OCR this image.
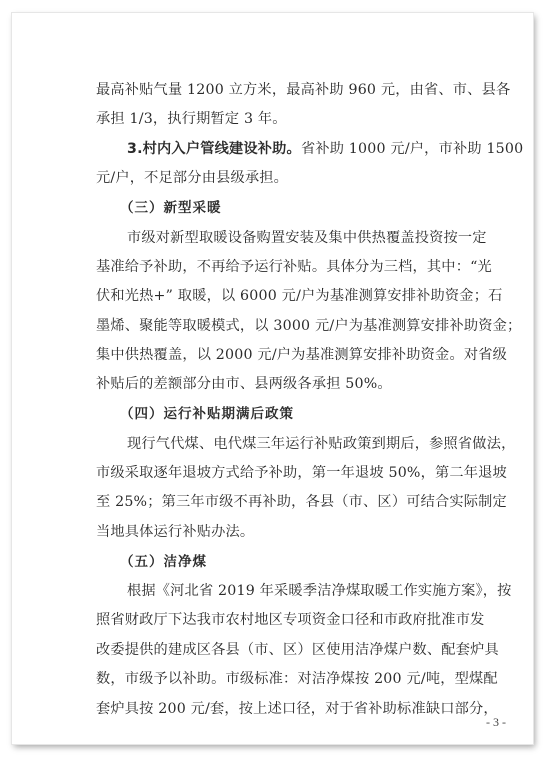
最高补贴气量 1200 立方米，最高补助 960 元，由省、市、县各
承担 1/3，执行期暂定 3 年。
3.村内入户管线建设补助。省补助 1000 元/户，市补助 1500
元/户，不足部分由县级承担。
（三）新型采暖
市级对新型取暖设备购置安装及集中供热覆盖投资按一定
基准给予补助，不再给予运行补贴。具体分为三档，其中：“光
伏和光热+” 取暖，以 6000 元/户为基准测算安排补助资金；石
墨烯、聚能等取暖模式，以 3000 元/户为基准测算安排补助资金；
集中供热覆盖，以 2000 元/户为基准测算安排补助资金。对省级
补贴后的差额部分由市、县两级各承担 50%。
（四）运行补贴期满后政策
现行气代煤、电代煤三年运行补贴政策到期后，参照省做法，
市级采取逐年退坡方式给予补助，第一年退坡 50%，第二年退坡
至 25%；第三年市级不再补助，各县（市、区）可结合实际制定
当地具体运行补贴办法。
（五）洁净煤
根据《河北省 2019 年采暖季洁净煤取暖工作实施方案》，按
照省财政厅下达我市农村地区专项资金口径和市政府批准市发
改委提供的建成区各县（市、区）区使用洁净煤户数、配套炉具
数，市级予以补助。市级标准：对洁净煤按 200 元/吨，型煤配
套炉具按 200 元/套，按上述口径，对于省补助标准缺口部分，
- 3 -
